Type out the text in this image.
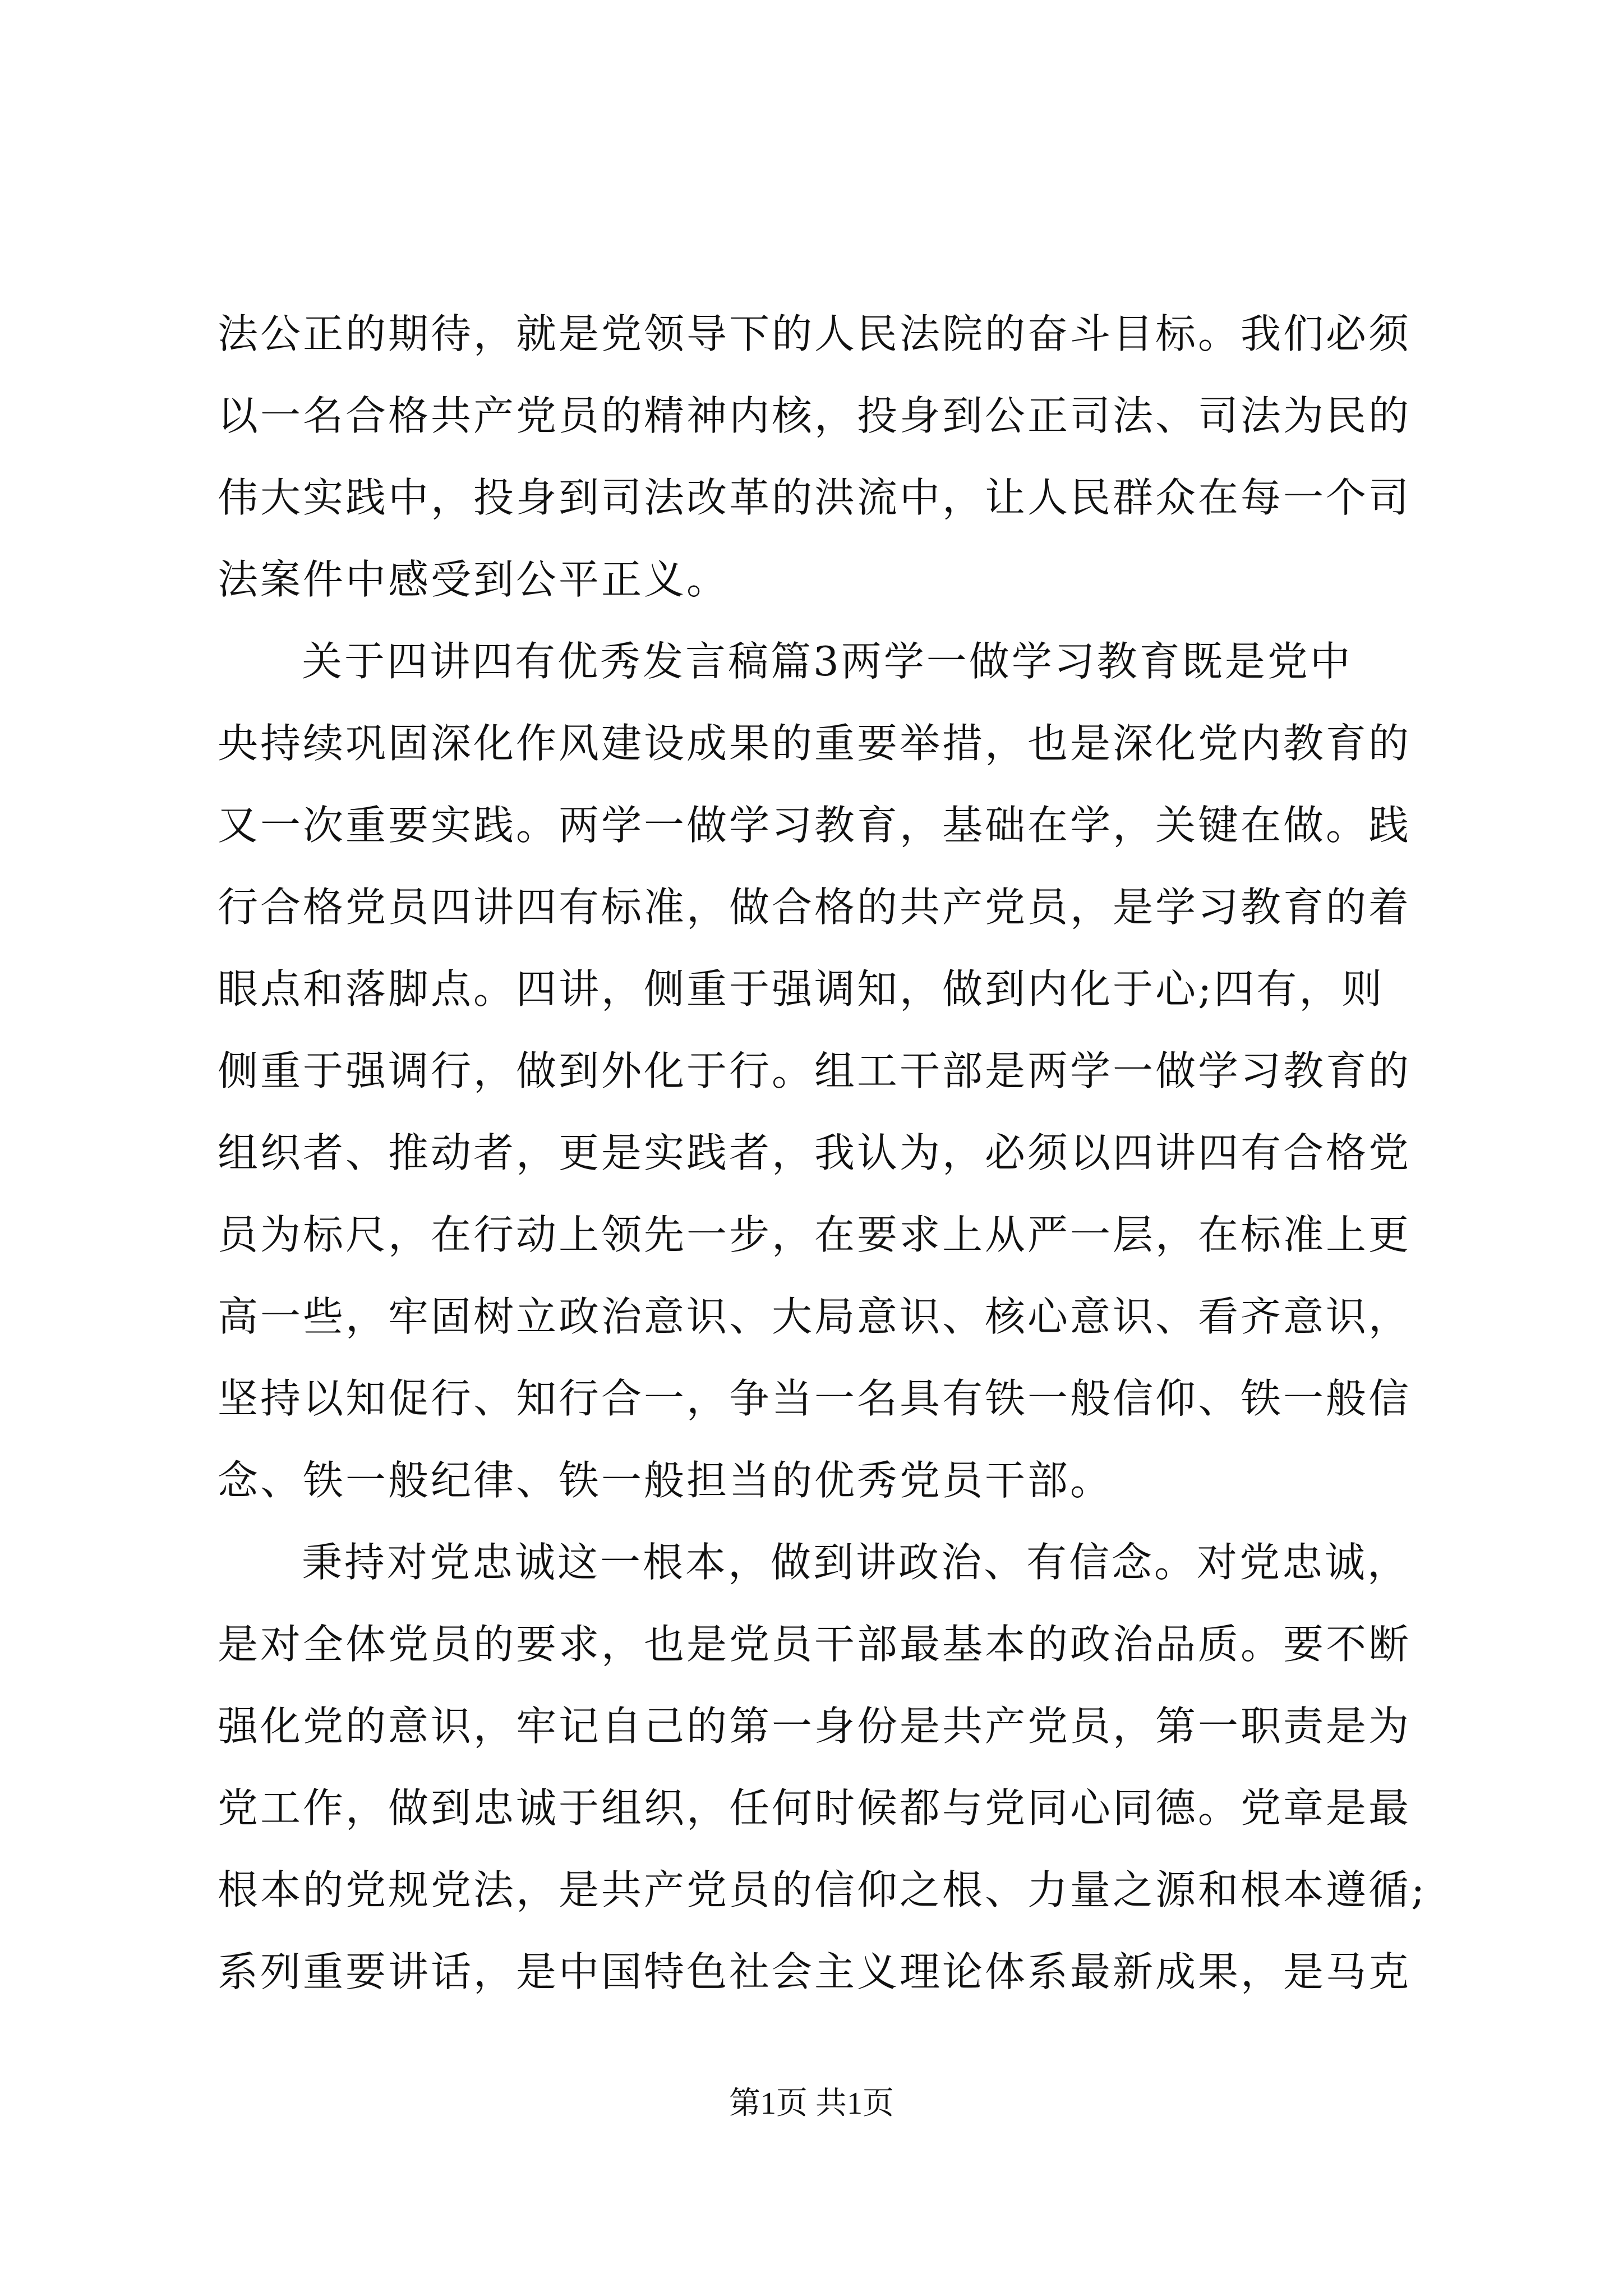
法公正的期待，就是党领导下的人民法院的奋斗目标。我们必须
以一名合格共产党员的精神内核，投身到公正司法、司法为民的
伟大实践中，投身到司法改革的洪流中，让人民群众在每一个司
法案件中感受到公平正义。
关于四讲四有优秀发言稿篇3两学一做学习教育既是党中
央持续巩固深化作风建设成果的重要举措，也是深化党内教育的
又一次重要实践。两学一做学习教育，基础在学，关键在做。践
行合格党员四讲四有标准，做合格的共产党员，是学习教育的着
眼点和落脚点。四讲，侧重于强调知，做到内化于心;四有，则
侧重于强调行，做到外化于行。组工干部是两学一做学习教育的
组织者、推动者，更是实践者，我认为，必须以四讲四有合格党
员为标尺，在行动上领先一步，在要求上从严一层，在标准上更
高一些，牢固树立政治意识、大局意识、核心意识、看齐意识，
坚持以知促行、知行合一，争当一名具有铁一般信仰、铁一般信
念、铁一般纪律、铁一般担当的优秀党员干部。
秉持对党忠诚这一根本，做到讲政治、有信念。对党忠诚，
是对全体党员的要求，也是党员干部最基本的政治品质。要不断
强化党的意识，牢记自己的第一身份是共产党员，第一职责是为
党工作，做到忠诚于组织，任何时候都与党同心同德。党章是最
根本的党规党法，是共产党员的信仰之根、力量之源和根本遵循;
系列重要讲话，是中国特色社会主义理论体系最新成果，是马克
第1页 共1页
